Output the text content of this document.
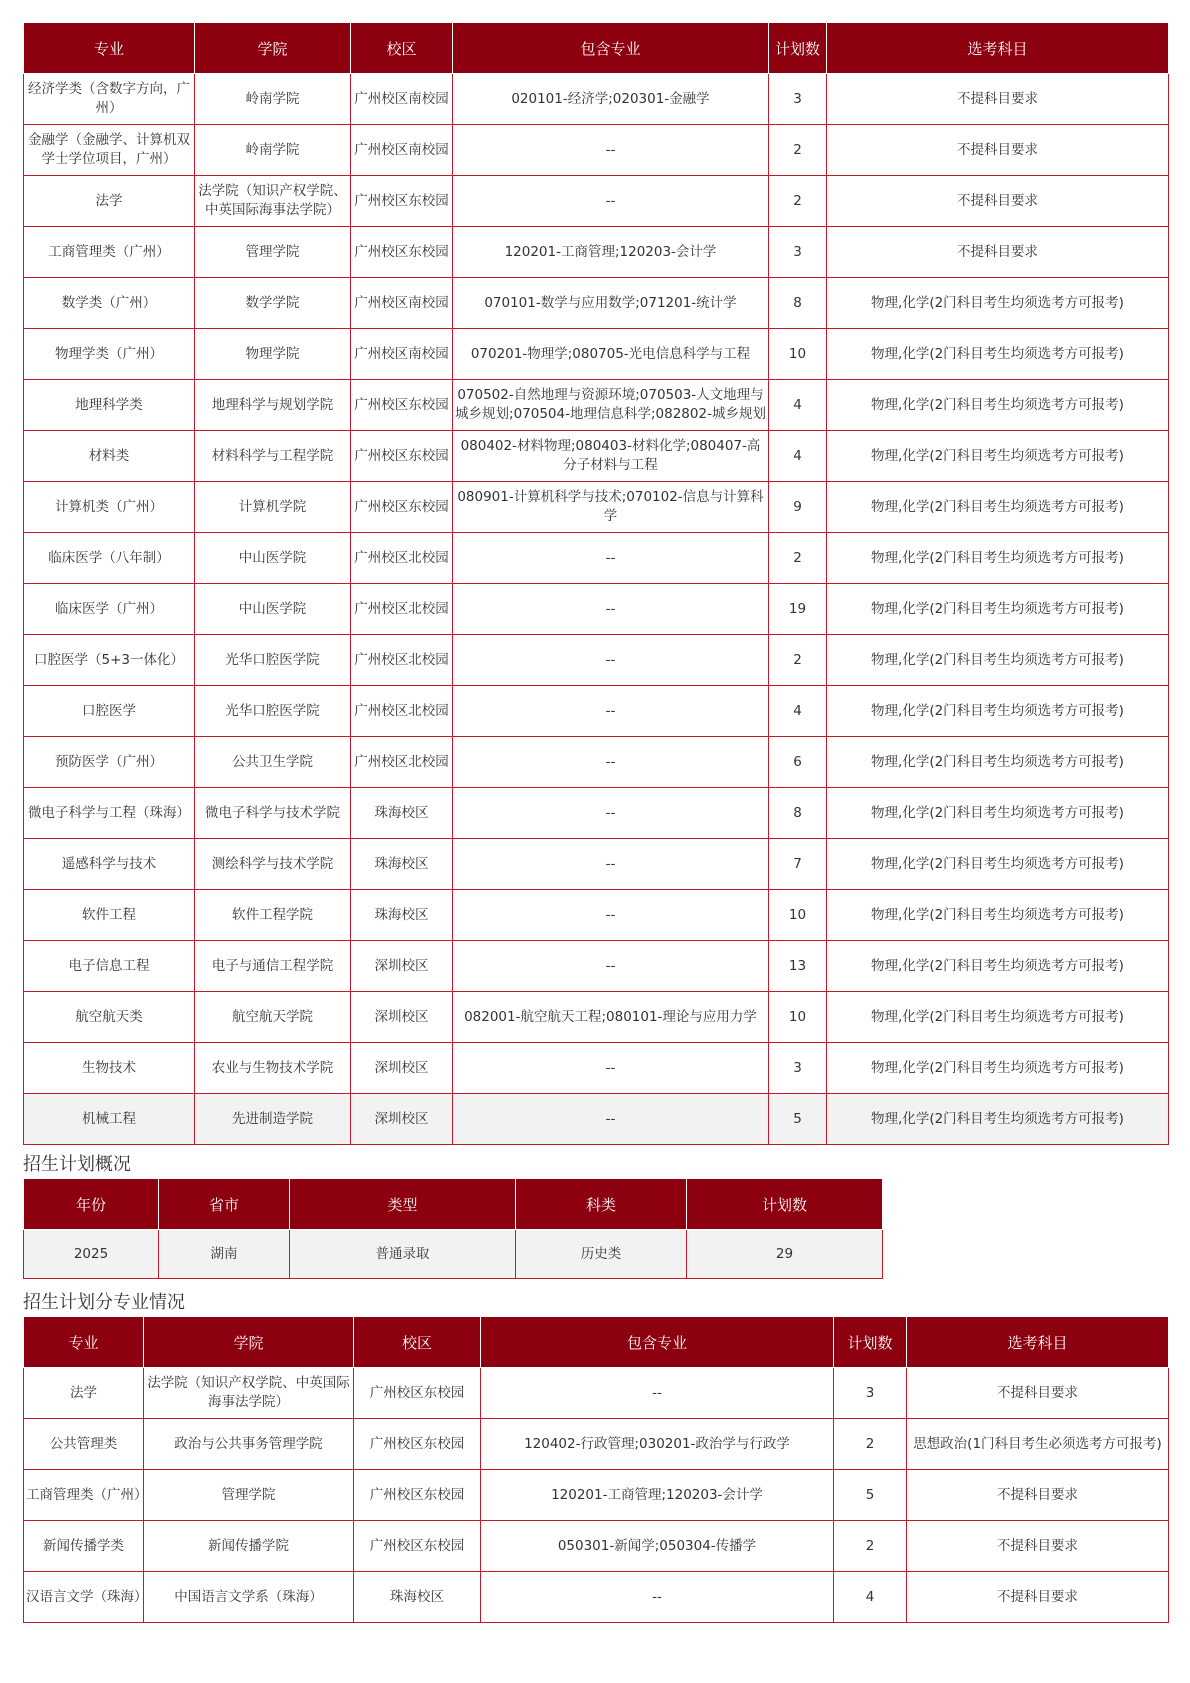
专业	学院	校区	包含专业	计划数	选考科目
经济学类（含数字方向，广州）	岭南学院	广州校区南校园	020101-经济学;020301-金融学	3	不提科目要求
金融学（金融学、计算机双学士学位项目，广州）	岭南学院	广州校区南校园	--	2	不提科目要求
法学	法学院（知识产权学院、中英国际海事法学院）	广州校区东校园	--	2	不提科目要求
工商管理类（广州）	管理学院	广州校区东校园	120201-工商管理;120203-会计学	3	不提科目要求
数学类（广州）	数学学院	广州校区南校园	070101-数学与应用数学;071201-统计学	8	物理,化学(2门科目考生均须选考方可报考)
物理学类（广州）	物理学院	广州校区南校园	070201-物理学;080705-光电信息科学与工程	10	物理,化学(2门科目考生均须选考方可报考)
地理科学类	地理科学与规划学院	广州校区东校园	070502-自然地理与资源环境;070503-人文地理与城乡规划;070504-地理信息科学;082802-城乡规划	4	物理,化学(2门科目考生均须选考方可报考)
材料类	材料科学与工程学院	广州校区东校园	080402-材料物理;080403-材料化学;080407-高分子材料与工程	4	物理,化学(2门科目考生均须选考方可报考)
计算机类（广州）	计算机学院	广州校区东校园	080901-计算机科学与技术;070102-信息与计算科学	9	物理,化学(2门科目考生均须选考方可报考)
临床医学（八年制）	中山医学院	广州校区北校园	--	2	物理,化学(2门科目考生均须选考方可报考)
临床医学（广州）	中山医学院	广州校区北校园	--	19	物理,化学(2门科目考生均须选考方可报考)
口腔医学（5+3一体化）	光华口腔医学院	广州校区北校园	--	2	物理,化学(2门科目考生均须选考方可报考)
口腔医学	光华口腔医学院	广州校区北校园	--	4	物理,化学(2门科目考生均须选考方可报考)
预防医学（广州）	公共卫生学院	广州校区北校园	--	6	物理,化学(2门科目考生均须选考方可报考)
微电子科学与工程（珠海）	微电子科学与技术学院	珠海校区	--	8	物理,化学(2门科目考生均须选考方可报考)
遥感科学与技术	测绘科学与技术学院	珠海校区	--	7	物理,化学(2门科目考生均须选考方可报考)
软件工程	软件工程学院	珠海校区	--	10	物理,化学(2门科目考生均须选考方可报考)
电子信息工程	电子与通信工程学院	深圳校区	--	13	物理,化学(2门科目考生均须选考方可报考)
航空航天类	航空航天学院	深圳校区	082001-航空航天工程;080101-理论与应用力学	10	物理,化学(2门科目考生均须选考方可报考)
生物技术	农业与生物技术学院	深圳校区	--	3	物理,化学(2门科目考生均须选考方可报考)
机械工程	先进制造学院	深圳校区	--	5	物理,化学(2门科目考生均须选考方可报考)
招生计划概况
年份	省市	类型	科类	计划数
2025	湖南	普通录取	历史类	29
招生计划分专业情况
专业	学院	校区	包含专业	计划数	选考科目
法学	法学院（知识产权学院、中英国际海事法学院）	广州校区东校园	--	3	不提科目要求
公共管理类	政治与公共事务管理学院	广州校区东校园	120402-行政管理;030201-政治学与行政学	2	思想政治(1门科目考生必须选考方可报考)
工商管理类（广州）	管理学院	广州校区东校园	120201-工商管理;120203-会计学	5	不提科目要求
新闻传播学类	新闻传播学院	广州校区东校园	050301-新闻学;050304-传播学	2	不提科目要求
汉语言文学（珠海）	中国语言文学系（珠海）	珠海校区	--	4	不提科目要求
